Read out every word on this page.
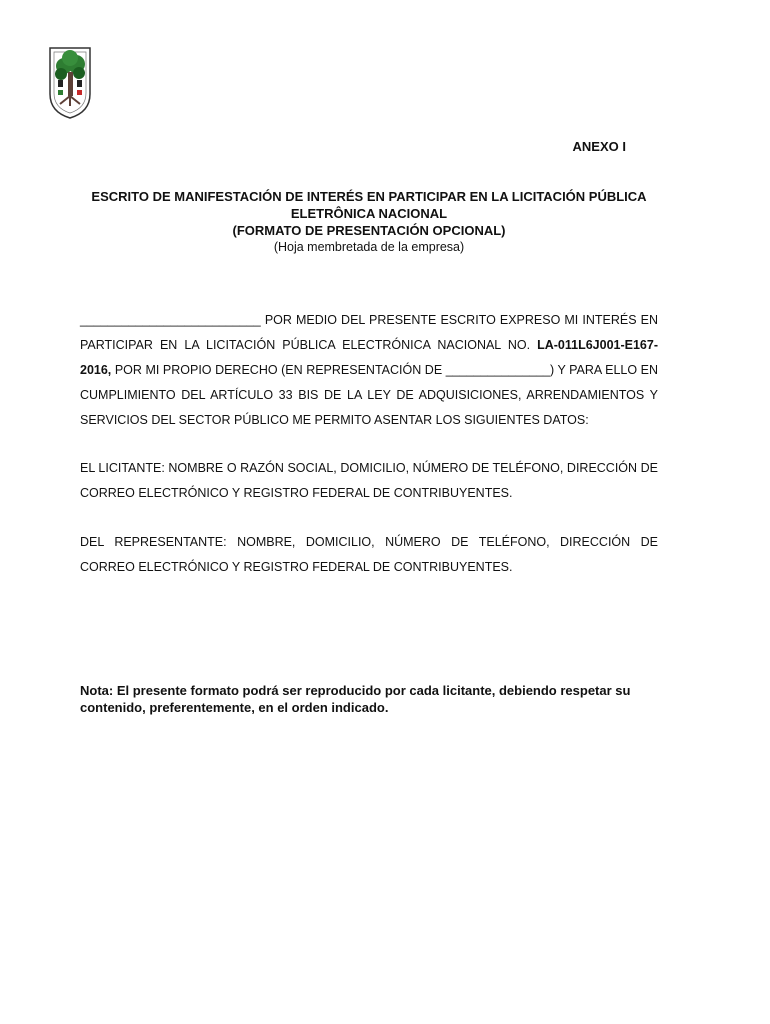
ANEXO I
ESCRITO DE MANIFESTACIÓN DE INTERÉS EN PARTICIPAR EN LA LICITACIÓN PÚBLICA
ELETRÔNICA NACIONAL
(FORMATO DE PRESENTACIÓN OPCIONAL)
(Hoja membretada de la empresa)
__________________________ POR MEDIO DEL PRESENTE ESCRITO EXPRESO MI INTERÉS EN PARTICIPAR EN LA LICITACIÓN PÚBLICA ELECTRÓNICA NACIONAL NO. LA-011L6J001-E167-2016, POR MI PROPIO DERECHO (EN REPRESENTACIÓN DE _______________) Y PARA ELLO EN CUMPLIMIENTO DEL ARTÍCULO 33 BIS DE LA LEY DE ADQUISICIONES, ARRENDAMIENTOS Y SERVICIOS DEL SECTOR PÚBLICO ME PERMITO ASENTAR LOS SIGUIENTES DATOS:
EL LICITANTE: NOMBRE O RAZÓN SOCIAL, DOMICILIO, NÚMERO DE TELÉFONO, DIRECCIÓN DE CORREO ELECTRÓNICO Y REGISTRO FEDERAL DE CONTRIBUYENTES.
DEL REPRESENTANTE: NOMBRE, DOMICILIO, NÚMERO DE TELÉFONO, DIRECCIÓN DE CORREO ELECTRÓNICO Y REGISTRO FEDERAL DE CONTRIBUYENTES.
Nota: El presente formato podrá ser reproducido por cada licitante, debiendo respetar su contenido, preferentemente, en el orden indicado.
